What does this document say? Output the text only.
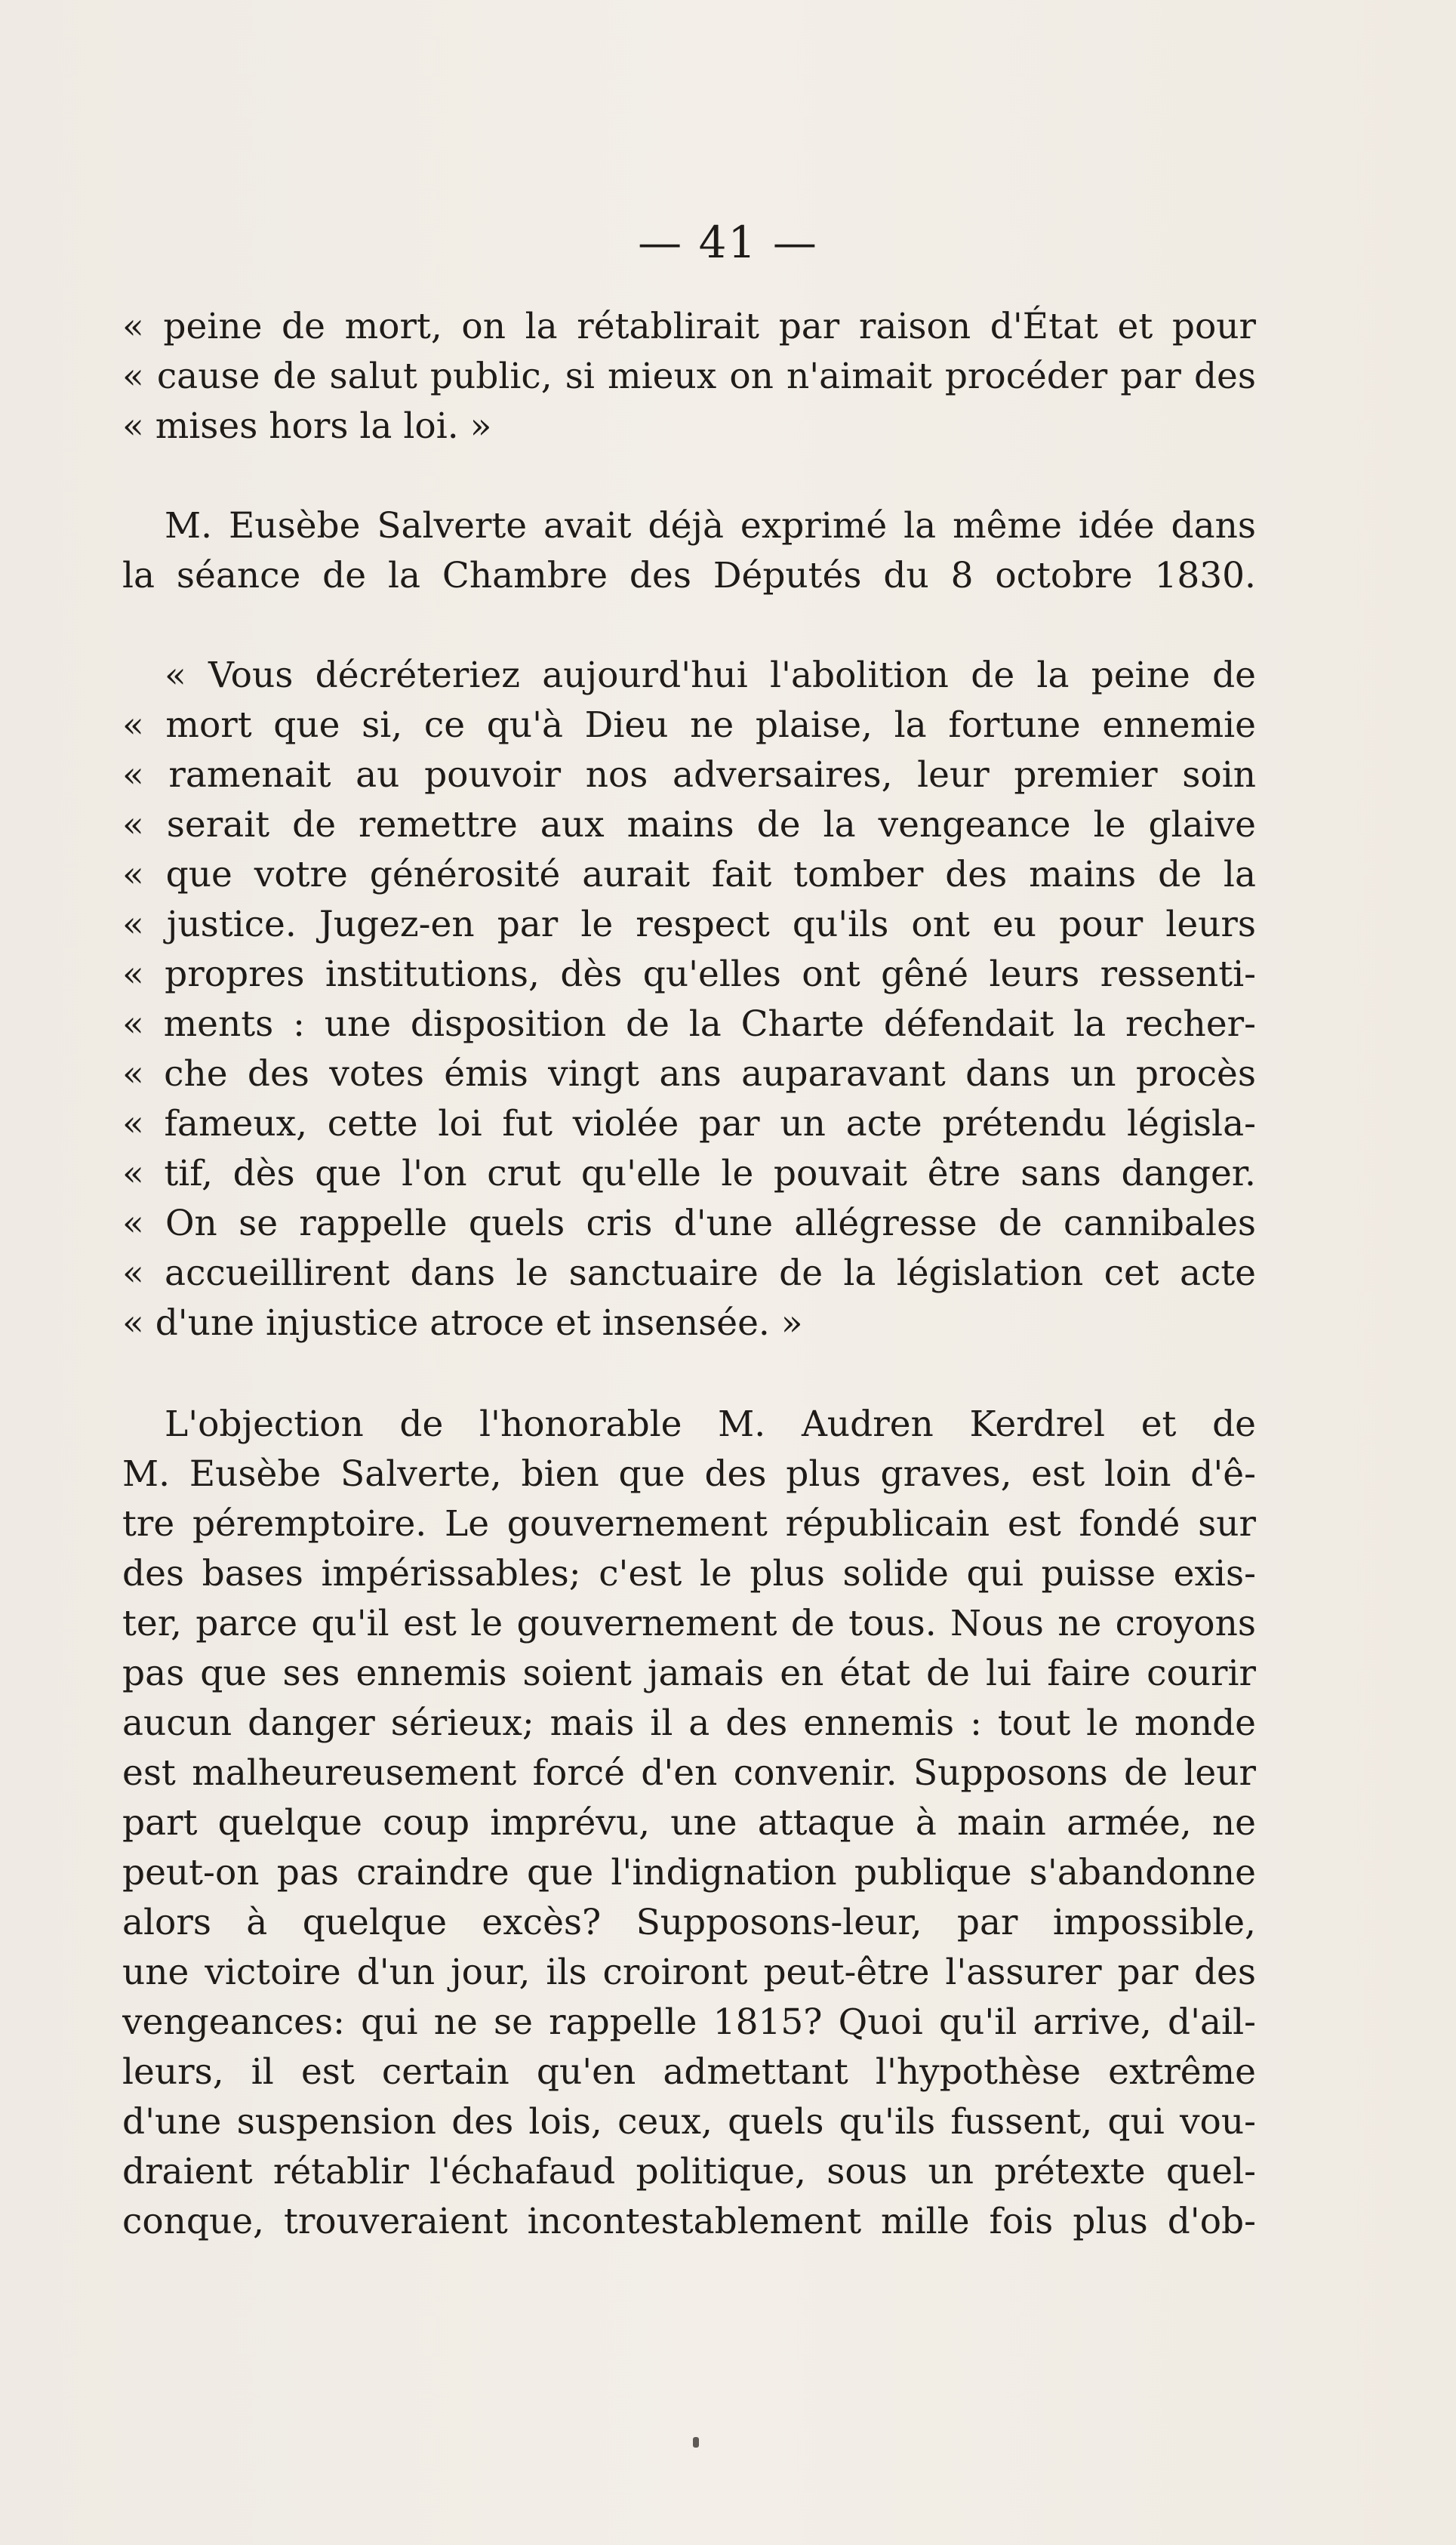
— 41 —
« peine de mort, on la rétablirait par raison d'État et pour
« cause de salut public, si mieux on n'aimait procéder par des
« mises hors la loi. »
M. Eusèbe Salverte avait déjà exprimé la même idée dans
la séance de la Chambre des Députés du 8 octobre 1830.
« Vous décréteriez aujourd'hui l'abolition de la peine de
« mort que si, ce qu'à Dieu ne plaise, la fortune ennemie
« ramenait au pouvoir nos adversaires, leur premier soin
« serait de remettre aux mains de la vengeance le glaive
« que votre générosité aurait fait tomber des mains de la
« justice. Jugez-en par le respect qu'ils ont eu pour leurs
« propres institutions, dès qu'elles ont gêné leurs ressenti-
« ments : une disposition de la Charte défendait la recher-
« che des votes émis vingt ans auparavant dans un procès
« fameux, cette loi fut violée par un acte prétendu législa-
« tif, dès que l'on crut qu'elle le pouvait être sans danger.
« On se rappelle quels cris d'une allégresse de cannibales
« accueillirent dans le sanctuaire de la législation cet acte
« d'une injustice atroce et insensée. »
L'objection de l'honorable M. Audren Kerdrel et de
M. Eusèbe Salverte, bien que des plus graves, est loin d'ê-
tre péremptoire. Le gouvernement républicain est fondé sur
des bases impérissables; c'est le plus solide qui puisse exis-
ter, parce qu'il est le gouvernement de tous. Nous ne croyons
pas que ses ennemis soient jamais en état de lui faire courir
aucun danger sérieux; mais il a des ennemis : tout le monde
est malheureusement forcé d'en convenir. Supposons de leur
part quelque coup imprévu, une attaque à main armée, ne
peut-on pas craindre que l'indignation publique s'abandonne
alors à quelque excès? Supposons-leur, par impossible,
une victoire d'un jour, ils croiront peut-être l'assurer par des
vengeances: qui ne se rappelle 1815? Quoi qu'il arrive, d'ail-
leurs, il est certain qu'en admettant l'hypothèse extrême
d'une suspension des lois, ceux, quels qu'ils fussent, qui vou-
draient rétablir l'échafaud politique, sous un prétexte quel-
conque, trouveraient incontestablement mille fois plus d'ob-
